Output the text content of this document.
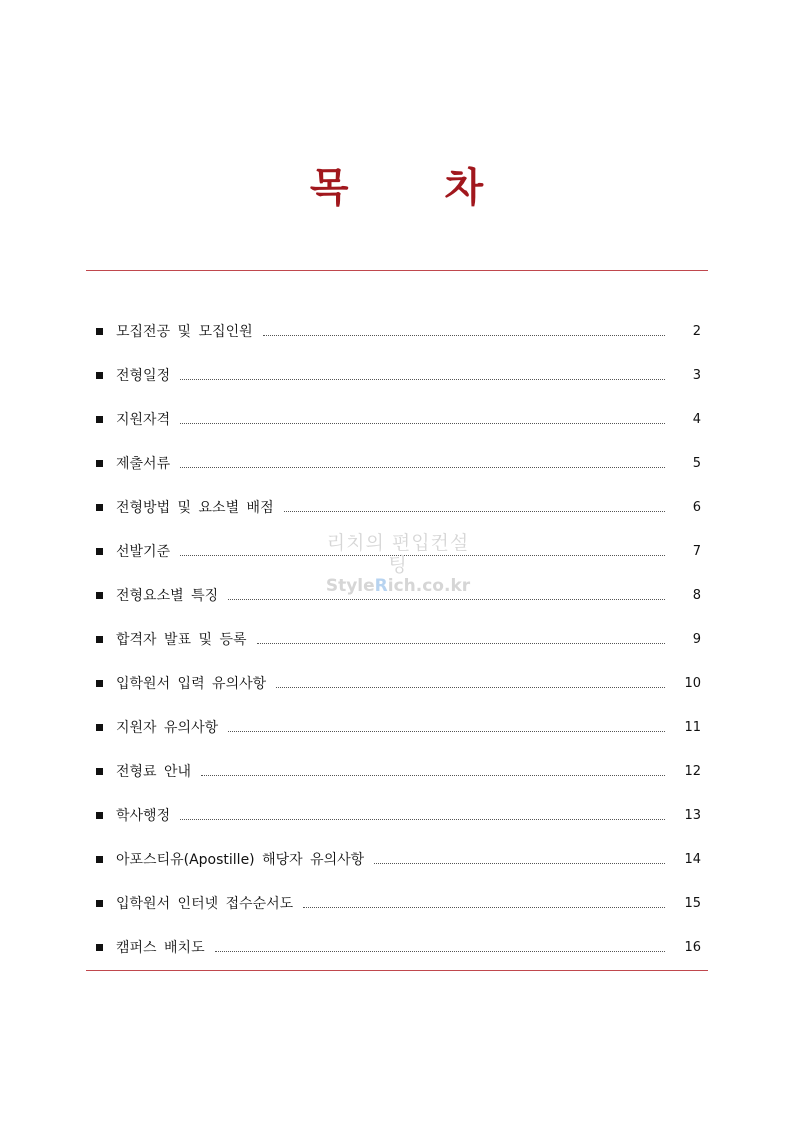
목 차
모집전공 및 모집인원	2
전형일정	3
지원자격	4
제출서류	5
전형방법 및 요소별 배점	6
선발기준	7
전형요소별 특징	8
합격자 발표 및 등록	9
입학원서 입력 유의사항	10
지원자 유의사항	11
전형료 안내	12
학사행정	13
아포스티유(Apostille) 해당자 유의사항	14
입학원서 인터넷 접수순서도	15
캠퍼스 배치도	16
리치의 편입컨설팅
StyleRich.co.kr
